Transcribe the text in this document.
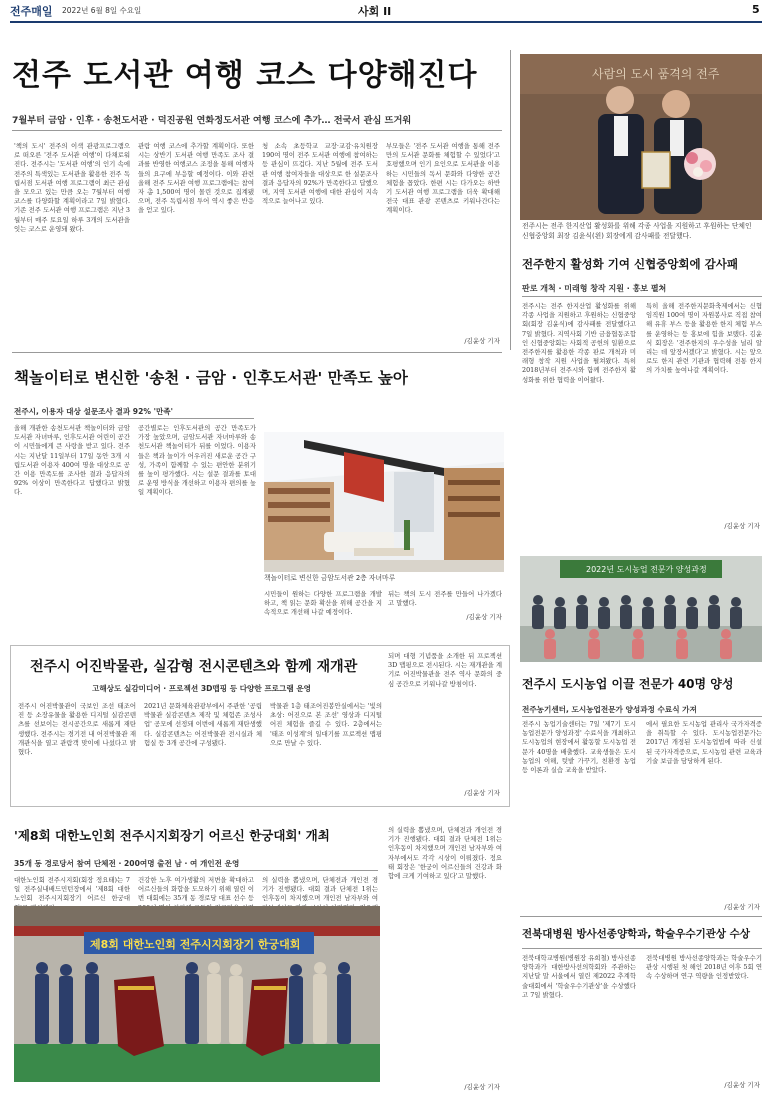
전주매일 2022년 6월 8일 수요일	사회 II	5
전주 도서관 여행 코스 다양해진다
7월부터 금암 · 인후 · 송천도서관 · 덕진공원 연화정도서관 여행 코스에 추가… 전국서 관심 뜨거워
'책의 도시' 전주의 이색 관광프로그램으로 떠오른 '전주 도서관 여행'이 다채로워진다. 전주시는 '도서관 여행'의 인기 속에 전주의 특색있는 도서관을 활용한 전주 독립서점 도서관 여행 프로그램이 최근 관심을 모으고 있는 만큼 오는 7월부터 여행 코스를 다양화할 계획이라고 7일 밝혔다. 기존 전주 도서관 여행 프로그램은 지난 3월부터 매주 토요일 하루 3개의 도서관을 잇는 코스로 운영돼 왔다.
관람 여행 코스에 추가할 계획이다. 또한 시는 상반기 도서관 여행 만족도 조사 결과를 반영한 여행코스 조정을 통해 여행자들의 요구에 부응할 예정이다. 이와 관련 올해 전주 도서관 여행 프로그램에는 참여자 총 1,500여 명이 몰린 것으로 집계됐으며, 전주 독립서점 투어 역시 좋은 반응을 얻고 있다.
청 소속 초등학교 교장·교감·유치원장 190여 명이 전주 도서관 여행에 참여하는 등 관심이 뜨겁다. 지난 5월에 전주 도서관 여행 참여자들을 대상으로 한 설문조사 결과 응답자의 92%가 만족한다고 답했으며, 지역 도서관 여행에 대한 관심이 지속적으로 늘어나고 있다.
부모들은 '전주 도서관 여행을 통해 전주만의 도서관 문화를 체험할 수 있었다'고 호평했으며 인기 요인으로 도서관을 이용하는 시민들의 독서 문화와 다양한 공간 체험을 꼽았다. 한편 시는 다가오는 하반기 도서관 여행 프로그램을 더욱 확대해 전국 대표 관광 콘텐츠로 키워나간다는 계획이다.
/김윤상 기자
사람의 도시 품격의 전주
전주시는 전주 한지산업 활성화를 위해 각종 사업을 지원하고 후원하는 단체인 신협중앙회 최장 김윤식(왼) 회장에게 감사패를 전달했다.
전주한지 활성화 기여 신협중앙회에 감사패
판로 개척 · 미래형 창작 지원 · 홍보 펼쳐
전주시는 전주 한지산업 활성화를 위해 각종 사업을 지원하고 후원하는 신협중앙회(회장 김윤식)에 감사패를 전달했다고 7일 밝혔다. 지역사회 기반 금융협동조합인 신협중앙회는 사회적 공헌의 일환으로 전주한지를 활용한 각종 판로 개척과 미래형 창작 지원 사업을 펼쳐왔다. 특히 2018년부터 전주시와 함께 전주한지 활성화를 위한 협력을 이어왔다.
특히 올해 전주한지문화축제에서는 신협 임직원 100여 명이 자원봉사로 직접 참여해 유휴 부스 등을 활용한 한지 체험 부스를 운영하는 등 홍보에 힘을 보탰다. 김윤식 회장은 '전주한지의 우수성을 널리 알리는 데 앞장서겠다'고 밝혔다. 시는 앞으로도 한지 관련 기관과 협력해 전통 한지의 가치를 높여나갈 계획이다.
/김윤상 기자
책놀이터로 변신한 '송천 · 금암 · 인후도서관' 만족도 높아
전주시, 이용자 대상 설문조사 결과 92% '만족'
올해 개관한 송천도서관 책놀이터와 금암도서관 자녀마루, 인후도서관 어린이 공간이 시민들에게 큰 사랑을 받고 있다. 전주시는 지난달 11일부터 17일 동안 3개 시립도서관 이용자 400여 명을 대상으로 공간 이용 만족도를 조사한 결과 응답자의 92% 이상이 만족한다고 답했다고 밝혔다.
공간별로는 인후도서관의 공간 만족도가 가장 높았으며, 금암도서관 자녀마루와 송천도서관 책놀이터가 뒤를 이었다. 이용자들은 책과 놀이가 어우러진 새로운 공간 구성, 가족이 함께할 수 있는 편안한 분위기를 높이 평가했다. 시는 설문 결과를 토대로 운영 방식을 개선하고 이용자 편의를 높일 계획이다.
책놀이터로 변신한 금암도서관 2층 자녀마루
시민들이 원하는 다양한 프로그램을 개발하고, 책 읽는 문화 확산을 위해 공간을 지속적으로 개선해 나갈 예정이다.
뒤는 책의 도시 전주를 만들어 나가겠다고 말했다.
/김윤상 기자
2022년 도시농업 전문가 양성과정
전주시 어진박물관, 실감형 전시콘텐츠와 함께 재개관
고해상도 실감미디어 · 프로젝션 3D맵핑 등 다양한 프로그램 운영
전주시 어진박물관이 국보인 조선 태조어진 등 소장유물을 활용한 디지털 실감콘텐츠를 선보이는 전시공간으로 새롭게 재탄생했다. 전주시는 경기전 내 어진박물관 재개관식을 열고 관람객 맞이에 나섰다고 밝혔다.
2021년 문화체육관광부에서 주관한 '공립박물관 실감콘텐츠 제작 및 체험존 조성사업' 공모에 선정돼 이번에 새롭게 재탄생했다. 실감콘텐츠는 어진박물관 전시실과 체험실 등 3개 공간에 구성됐다.
박물관 1층 태조어진봉안실에서는 '빛의 초상: 어진으로 본 조선' 영상과 디지털 어진 체험을 즐길 수 있다. 2층에서는 '태조 이성계'의 일대기를 프로젝션 맵핑으로 만날 수 있다.
되며 대형 기념품을 소개한 뒤 프로젝션 3D 맵핑으로 전시된다. 시는 재개관을 계기로 어진박물관을 전주 역사 문화의 중심 공간으로 키워나갈 방침이다.
/김윤상 기자
전주시 도시농업 이끌 전문가 40명 양성
전주농기센터, 도시농업전문가 양성과정 수료식 가져
전주시 농업기술센터는 7일 '제7기 도시농업전문가 양성과정' 수료식을 개최하고 도시농업의 현장에서 활동할 도시농업 전문가 40명을 배출했다. 교육생들은 도시농업의 이해, 텃밭 가꾸기, 친환경 농업 등 이론과 실습 교육을 받았다.
에서 필요한 도시농업 관리사 국가자격증을 취득할 수 있다. 도시농업전문가는 2017년 개정된 도시농업법에 따라 신설된 국가자격증으로, 도시농업 관련 교육과 기술 보급을 담당하게 된다.
/김윤상 기자
'제8회 대한노인회 전주시지회장기 어르신 한궁대회' 개최
35개 동 경로당서 참여 단체전 · 200여명 출전 남 · 여 개인전 운영
대한노인회 전주시지회(회장 정요태)는 7일 전주실내배드민턴장에서 '제8회 대한노인회 전주시지회장기 어르신 한궁대
건강한 노후 여가생활의 저변을 확대하고 어르신들의 화합을 도모하기 위해 열린 이번 대회에는 35개 동 경로당 대표 선수 등
의 실력을 뽐냈으며, 단체전과 개인전 경기가 진행됐다. 대회 결과 단체전 1위는 인후동이 차지했으며 개인전 남자부와 여
의 실력을 뽐냈으며, 단체전과 개인전 경기가 진행됐다. 대회 결과 단체전 1위는 인후동이 차지했으며 개인전 남자부와 여자부에서도 각각 시상이 이뤄졌다. 정요태 회장은 '한궁이 어르신들의 건강과 화합에 크게 기여하고 있다'고 말했다.
/김윤상 기자
제8회 대한노인회 전주시지회장기 한궁대회
전북대병원 방사선종양학과, 학술우수기관상 수상
전북대학교병원(병원장 유희철) 방사선종양학과가 대한방사선의학회와 주관하는 지난달 말 서울에서 열린 제2022 추계학술대회에서 '학술우수기관상'을 수상했다고 7일 밝혔다.
전북대병원 방사선종양학과는 학술우수기관상 시행된 첫 해인 2018년 이후 5회 연속 수상하며 연구 역량을 인정받았다.
/김윤상 기자
